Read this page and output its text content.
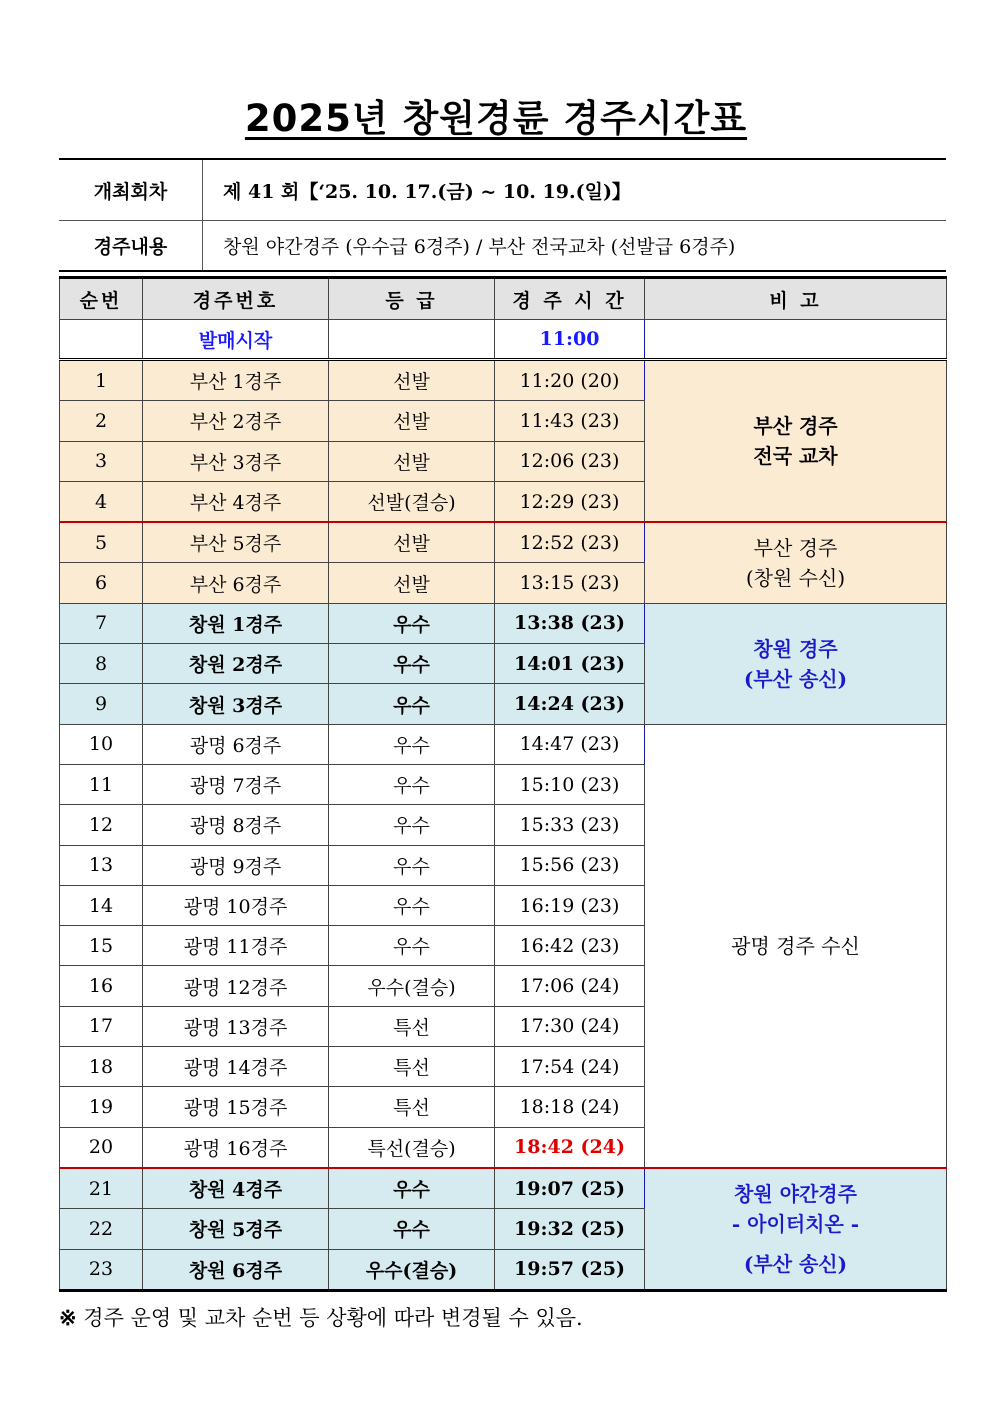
2025년 창원경륜 경주시간표
개최회차	제 41 회【‘25. 10. 17.(금) ~ 10. 19.(일)】
경주내용	창원 야간경주 (우수급 6경주) / 부산 전국교차 (선발급 6경주)
순번	경주번호	등 급	경 주 시 간	비 고
	발매시작		11:00	
1	부산 1경주	선발	11:20 (20)	부산 경주
전국 교차

2	부산 2경주	선발	11:43 (23)	
3	부산 3경주	선발	12:06 (23)	
4	부산 4경주	선발(결승)	12:29 (23)	
5	부산 5경주	선발	12:52 (23)	부산 경주
(창원 수신)

6	부산 6경주	선발	13:15 (23)	
7	창원 1경주	우수	13:38 (23)	창원 경주
(부산 송신)

8	창원 2경주	우수	14:01 (23)	
9	창원 3경주	우수	14:24 (23)	
10	광명 6경주	우수	14:47 (23)	광명 경주 수신
11	광명 7경주	우수	15:10 (23)	
12	광명 8경주	우수	15:33 (23)	
13	광명 9경주	우수	15:56 (23)	
14	광명 10경주	우수	16:19 (23)	
15	광명 11경주	우수	16:42 (23)	
16	광명 12경주	우수(결승)	17:06 (24)	
17	광명 13경주	특선	17:30 (24)	
18	광명 14경주	특선	17:54 (24)	
19	광명 15경주	특선	18:18 (24)	
20	광명 16경주	특선(결승)	18:42 (24)	
21	창원 4경주	우수	19:07 (25)	창원 야간경주
- 아이터치온 -
(부산 송신)

22	창원 5경주	우수	19:32 (25)	
23	창원 6경주	우수(결승)	19:57 (25)	
※ 경주 운영 및 교차 순번 등 상황에 따라 변경될 수 있음.
